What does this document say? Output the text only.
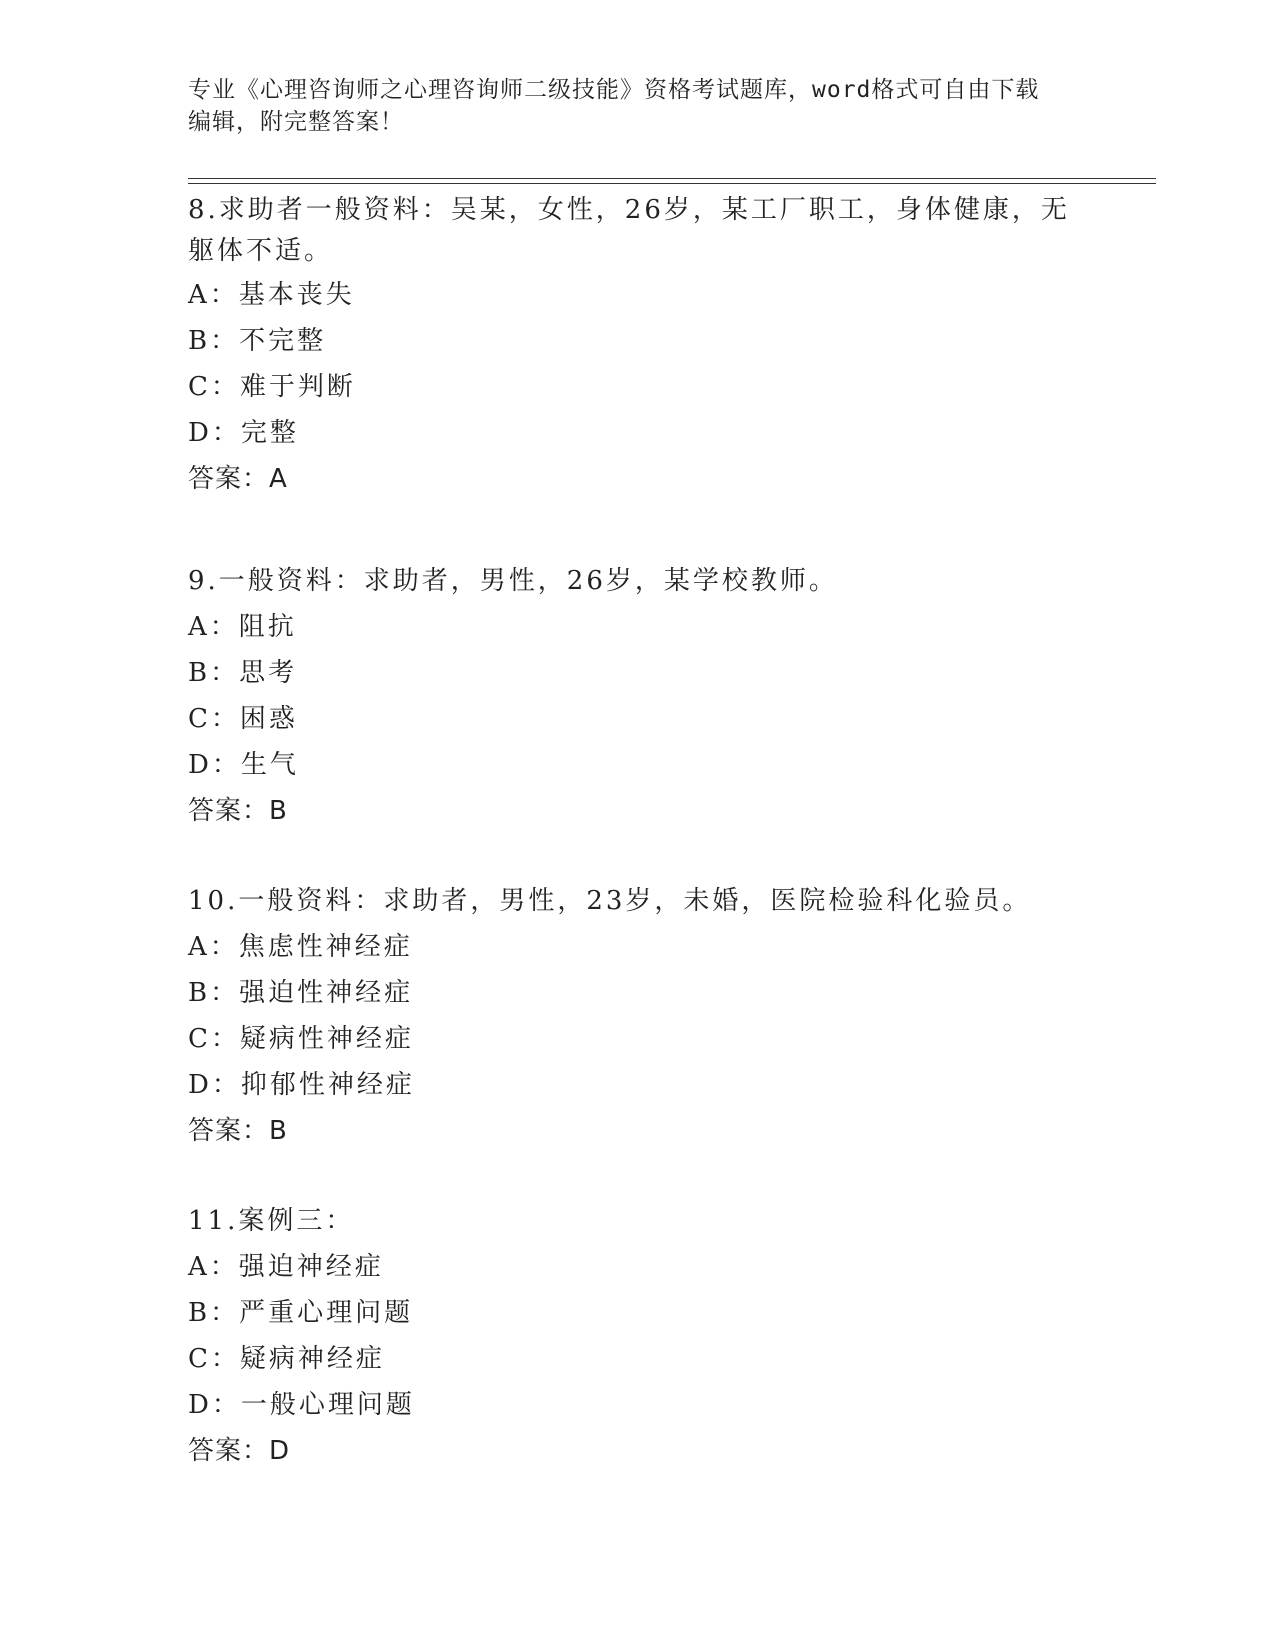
专业《心理咨询师之心理咨询师二级技能》资格考试题库，word格式可自由下载
编辑，附完整答案！

8.求助者一般资料：吴某，女性，26岁，某工厂职工，身体健康，无
躯体不适。

A：基本丧失

B：不完整

C：难于判断

D：完整

答案：A

9.一般资料：求助者，男性，26岁，某学校教师。

A：阻抗

B：思考

C：困惑

D：生气

答案：B

10.一般资料：求助者，男性，23岁，未婚，医院检验科化验员。

A：焦虑性神经症

B：强迫性神经症

C：疑病性神经症

D：抑郁性神经症

答案：B

11.案例三：

A：强迫神经症

B：严重心理问题

C：疑病神经症

D：一般心理问题

答案：D
